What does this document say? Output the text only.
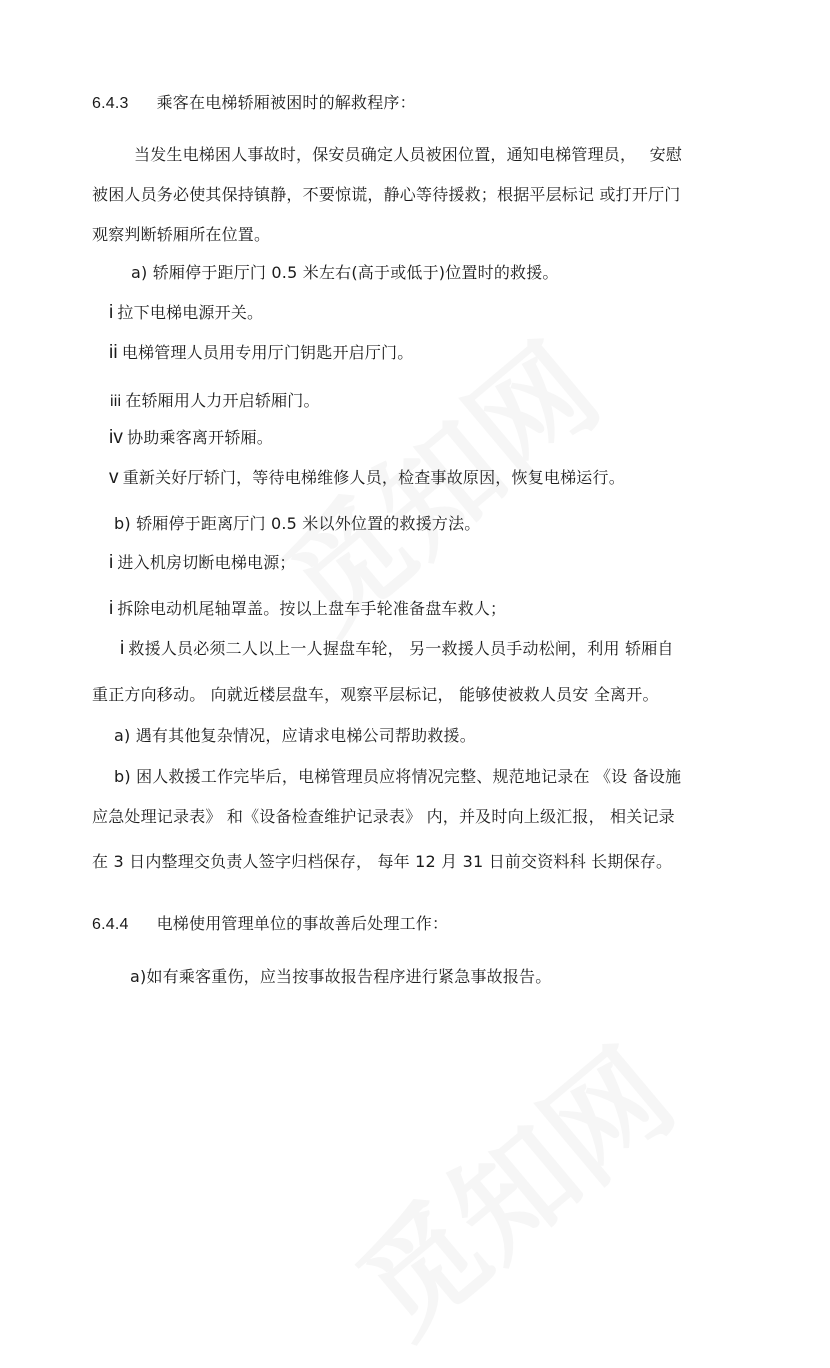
6.4.3 乘客在电梯轿厢被困时的解救程序：
当发生电梯困人事故时，保安员确定人员被困位置，通知电梯管理员，　 安慰
被困人员务必使其保持镇静，不要惊谎，静心等待援救；根据平层标记 或打开厅门
观察判断轿厢所在位置。
a) 轿厢停于距厅门 0.5 米左右(高于或低于)位置时的救援。
i 拉下电梯电源开关。
ii 电梯管理人员用专用厅门钥匙开启厅门。
iii 在轿厢用人力开启轿厢门。
iv 协助乘客离开轿厢。
v 重新关好厅轿门，等待电梯维修人员，检查事故原因，恢复电梯运行。
b) 轿厢停于距离厅门 0.5 米以外位置的救援方法。
i 进入机房切断电梯电源；
i 拆除电动机尾轴罩盖。按以上盘车手轮准备盘车救人；
i 救援人员必须二人以上一人握盘车轮， 另一救援人员手动松闸，利用 轿厢自
重正方向移动。 向就近楼层盘车，观察平层标记， 能够使被救人员安 全离开。
a) 遇有其他复杂情况，应请求电梯公司帮助救援。
b) 困人救援工作完毕后，电梯管理员应将情况完整、规范地记录在 《设 备设施
应急处理记录表》 和《设备检查维护记录表》 内，并及时向上级汇报， 相关记录
在 3 日内整理交负责人签字归档保存， 每年 12 月 31 日前交资料科 长期保存。
6.4.4 电梯使用管理单位的事故善后处理工作：
a)如有乘客重伤，应当按事故报告程序进行紧急事故报告。
